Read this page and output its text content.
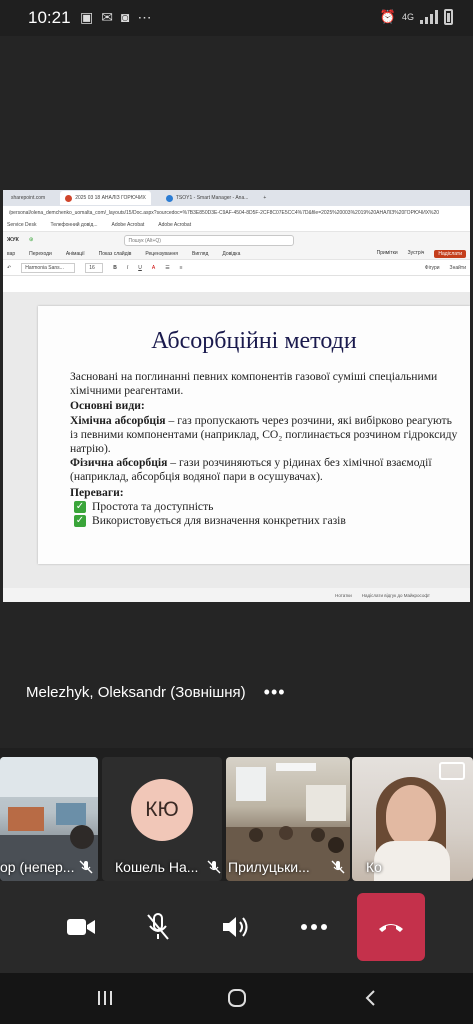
10:21 ▣ ✉ ◙ ⋯	⏰ 4G
sharepoint.com	2025 03 18 АНАЛІЗ ГОРЮЧИХ	TSOY1 - Smart Manager - Ana...	+
/personal/olena_demchenko_uomalta_com/_layouts/15/Doc.aspx?sourcedoc=%7B3E850D3E-C9AF-4504-8D5F-2CF8C07E5CC4%7D&file=2025%20003%2019%20АНАЛІЗ%20ГОРЮЧИХ%20
Service Desk	Телефонний довід...	Adobe Acrobat	Adobe Acrobat
ЖУК ⊛	Пошук (Alt+Q)
вар	Переходи	Анімації	Показ слайдів	Рецензування	Вигляд	Довідка	Примітки Зустріч	Надіслати
↶	Harmonia Sans...	16	B I U A ☰ ≡	Фігури Знайти
Абсорбційні методи

Засновані на поглинанні певних компонентів газової суміші спеціальними хімічними реагентами.

Основні види:

Хімічна абсорбція – газ пропускають через розчини, які вибірково реагують із певними компонентами (наприклад, CO₂ поглинається розчином гідроксиду натрію).

Фізична абсорбція – гази розчиняються у рідинах без хімічної взаємодії (наприклад, абсорбція водяної пари в осушувачах).

Переваги:

✓ Простота та доступність
✓ Використовується для визначення конкретних газів
Нотатки Надіслати відгук до Майкрософт
Melezhyk, Oleksandr (Зовнішня) •••
ор (непер...
КЮ
Кошель На... Прилуцьки...	Ко
